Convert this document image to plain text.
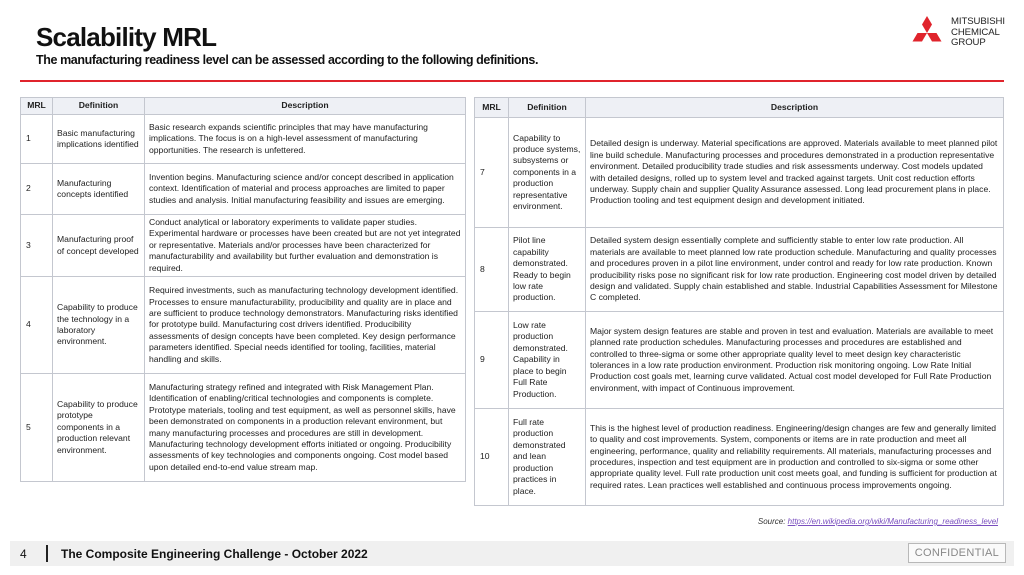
Scalability MRL
The manufacturing readiness level can be assessed according to the following definitions.
MITSUBISHI
CHEMICAL
GROUP
MRL	Definition	Description
1	Basic manufacturing implications identified	Basic research expands scientific principles that may have manufacturing implications. The focus is on a high-level assessment of manufacturing opportunities. The research is unfettered.
2	Manufacturing concepts identified	Invention begins. Manufacturing science and/or concept described in application context. Identification of material and process approaches are limited to paper studies and analysis. Initial manufacturing feasibility and issues are emerging.
3	Manufacturing proof of concept developed	Conduct analytical or laboratory experiments to validate paper studies. Experimental hardware or processes have been created but are not yet integrated or representative. Materials and/or processes have been characterized for manufacturability and availability but further evaluation and demonstration is required.
4	Capability to produce the technology in a laboratory environment.	Required investments, such as manufacturing technology development identified. Processes to ensure manufacturability, producibility and quality are in place and are sufficient to produce technology demonstrators. Manufacturing risks identified for prototype build. Manufacturing cost drivers identified. Producibility assessments of design concepts have been completed. Key design performance parameters identified. Special needs identified for tooling, facilities, material handling and skills.
5	Capability to produce prototype components in a production relevant environment.	Manufacturing strategy refined and integrated with Risk Management Plan. Identification of enabling/critical technologies and components is complete. Prototype materials, tooling and test equipment, as well as personnel skills, have been demonstrated on components in a production relevant environment, but many manufacturing processes and procedures are still in development. Manufacturing technology development efforts initiated or ongoing. Producibility assessments of key technologies and components ongoing. Cost model based upon detailed end-to-end value stream map.
MRL	Definition	Description
7	Capability to produce systems, subsystems or components in a production representative environment.	Detailed design is underway. Material specifications are approved. Materials available to meet planned pilot line build schedule. Manufacturing processes and procedures demonstrated in a production representative environment. Detailed producibility trade studies and risk assessments underway. Cost models updated with detailed designs, rolled up to system level and tracked against targets. Unit cost reduction efforts underway. Supply chain and supplier Quality Assurance assessed. Long lead procurement plans in place. Production tooling and test equipment design and development initiated.
8	Pilot line capability demonstrated. Ready to begin low rate production.	Detailed system design essentially complete and sufficiently stable to enter low rate production. All materials are available to meet planned low rate production schedule. Manufacturing and quality processes and procedures proven in a pilot line environment, under control and ready for low rate production. Known producibility risks pose no significant risk for low rate production. Engineering cost model driven by detailed design and validated. Supply chain established and stable. Industrial Capabilities Assessment for Milestone C completed.
9	Low rate production demonstrated. Capability in place to begin Full Rate Production.	Major system design features are stable and proven in test and evaluation. Materials are available to meet planned rate production schedules. Manufacturing processes and procedures are established and controlled to three-sigma or some other appropriate quality level to meet design key characteristic tolerances in a low rate production environment. Production risk monitoring ongoing. Low Rate Initial Production cost goals met, learning curve validated. Actual cost model developed for Full Rate Production environment, with impact of Continuous improvement.
10	Full rate production demonstrated and lean production practices in place.	This is the highest level of production readiness. Engineering/design changes are few and generally limited to quality and cost improvements. System, components or items are in rate production and meet all engineering, performance, quality and reliability requirements. All materials, manufacturing processes and procedures, inspection and test equipment are in production and controlled to six-sigma or some other appropriate quality level. Full rate production unit cost meets goal, and funding is sufficient for production at required rates. Lean practices well established and continuous process improvements ongoing.
Source: https://en.wikipedia.org/wiki/Manufacturing_readiness_level
4	The Composite Engineering Challenge - October 2022	CONFIDENTIAL
